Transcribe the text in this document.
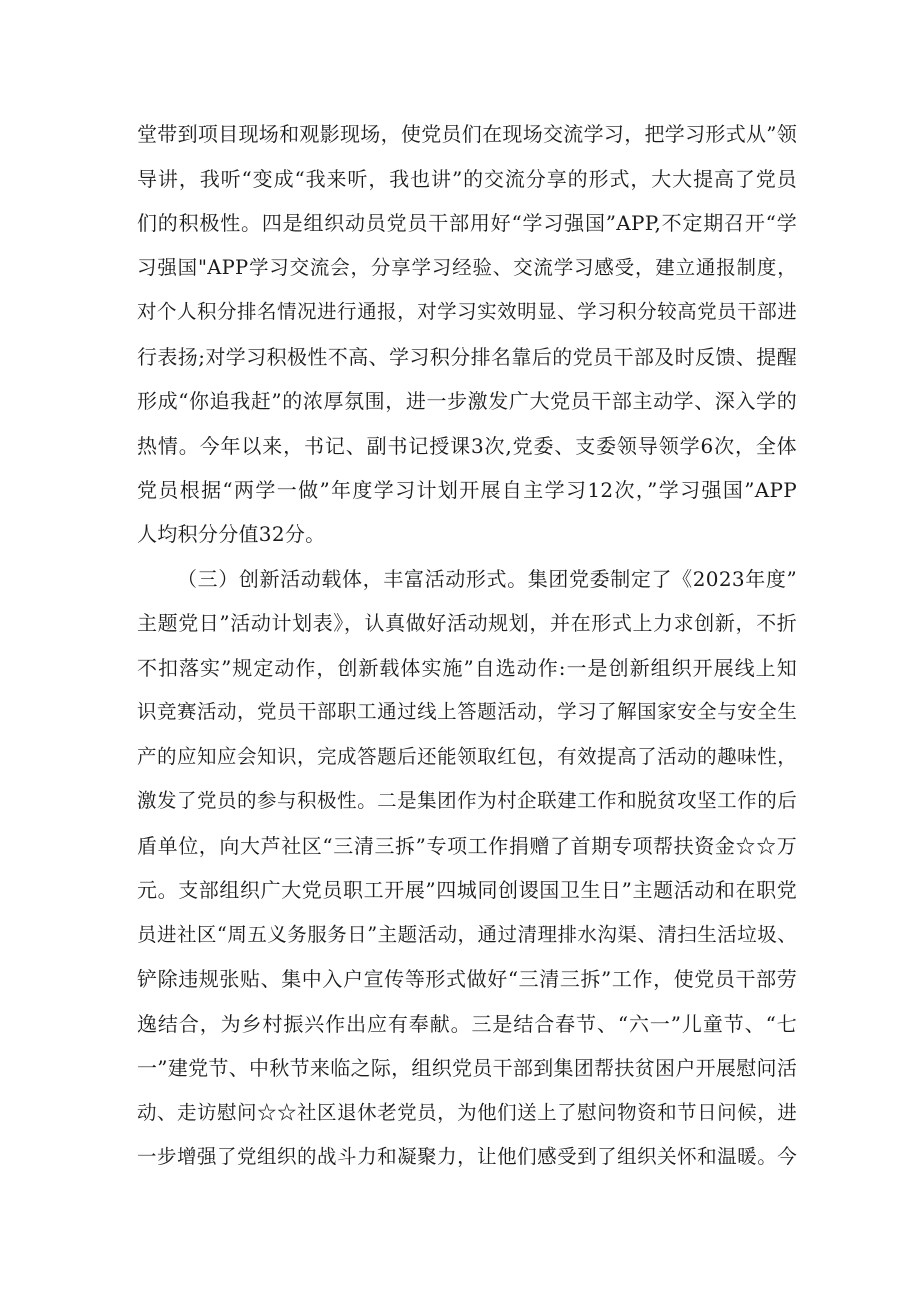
堂带到项目现场和观影现场，使党员们在现场交流学习，把学习形式从”领
导讲，我听“变成“我来听，我也讲”的交流分享的形式，大大提高了党员
们的积极性。四是组织动员党员干部用好“学习强国”APP,不定期召开“学
习强国"APP学习交流会，分享学习经验、交流学习感受，建立通报制度，
对个人积分排名情况进行通报，对学习实效明显、学习积分较高党员干部进
行表扬;对学习积极性不高、学习积分排名靠后的党员干部及时反馈、提醒
形成“你追我赶”的浓厚氛围，进一步激发广大党员干部主动学、深入学的
热情。今年以来，书记、副书记授课3次,党委、支委领导领学6次，全体
党员根据“两学一做”年度学习计划开展自主学习12次，”学习强国”APP
人均积分分值32分。
（三）创新活动载体，丰富活动形式。集团党委制定了《2023年度”
主题党日”活动计划表》，认真做好活动规划，并在形式上力求创新，不折
不扣落实”规定动作，创新载体实施”自选动作:一是创新组织开展线上知
识竞赛活动，党员干部职工通过线上答题活动，学习了解国家安全与安全生
产的应知应会知识，完成答题后还能领取红包，有效提高了活动的趣味性，
激发了党员的参与积极性。二是集团作为村企联建工作和脱贫攻坚工作的后
盾单位，向大芦社区“三清三拆”专项工作捐赠了首期专项帮扶资金☆☆万
元。支部组织广大党员职工开展”四城同创谡国卫生日”主题活动和在职党
员进社区“周五义务服务日”主题活动，通过清理排水沟渠、清扫生活垃圾、
铲除违规张贴、集中入户宣传等形式做好“三清三拆”工作，使党员干部劳
逸结合，为乡村振兴作出应有奉献。三是结合春节、“六一”儿童节、“七
一”建党节、中秋节来临之际，组织党员干部到集团帮扶贫困户开展慰问活
动、走访慰问☆☆社区退休老党员，为他们送上了慰问物资和节日问候，进
一步增强了党组织的战斗力和凝聚力，让他们感受到了组织关怀和温暖。今
